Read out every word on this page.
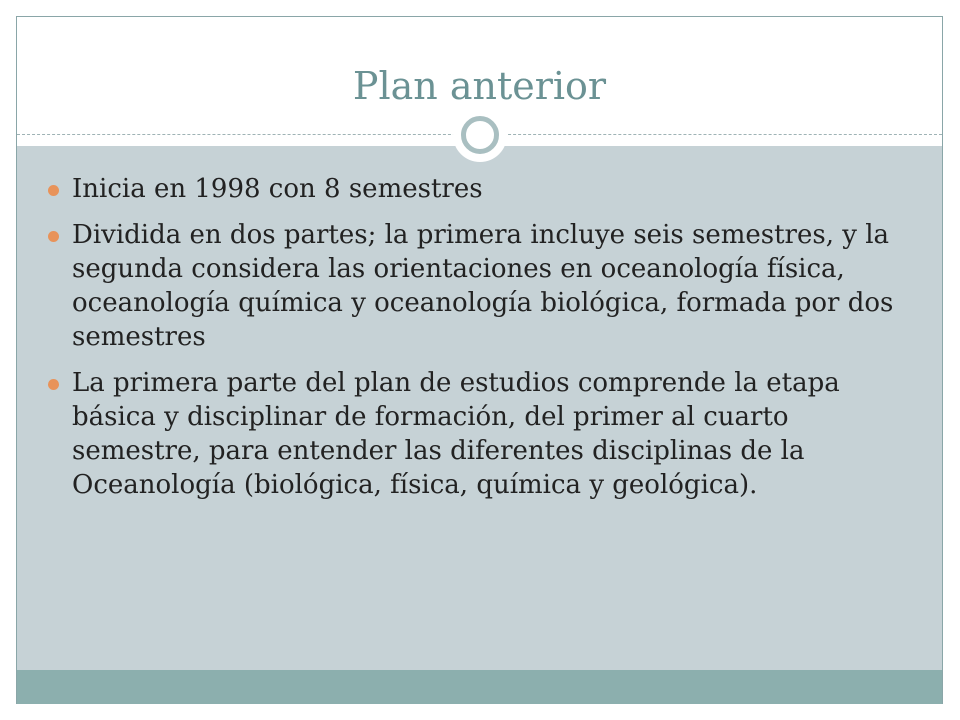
Plan anterior
Inicia en 1998 con 8 semestres
Dividida en dos partes; la primera incluye seis semestres, y la segunda considera las orientaciones en oceanología física, oceanología química y oceanología biológica, formada por dos semestres
La primera parte del plan de estudios comprende la etapa básica y disciplinar de formación, del primer al cuarto semestre, para entender las diferentes disciplinas de la Oceanología (biológica, física, química y geológica).
